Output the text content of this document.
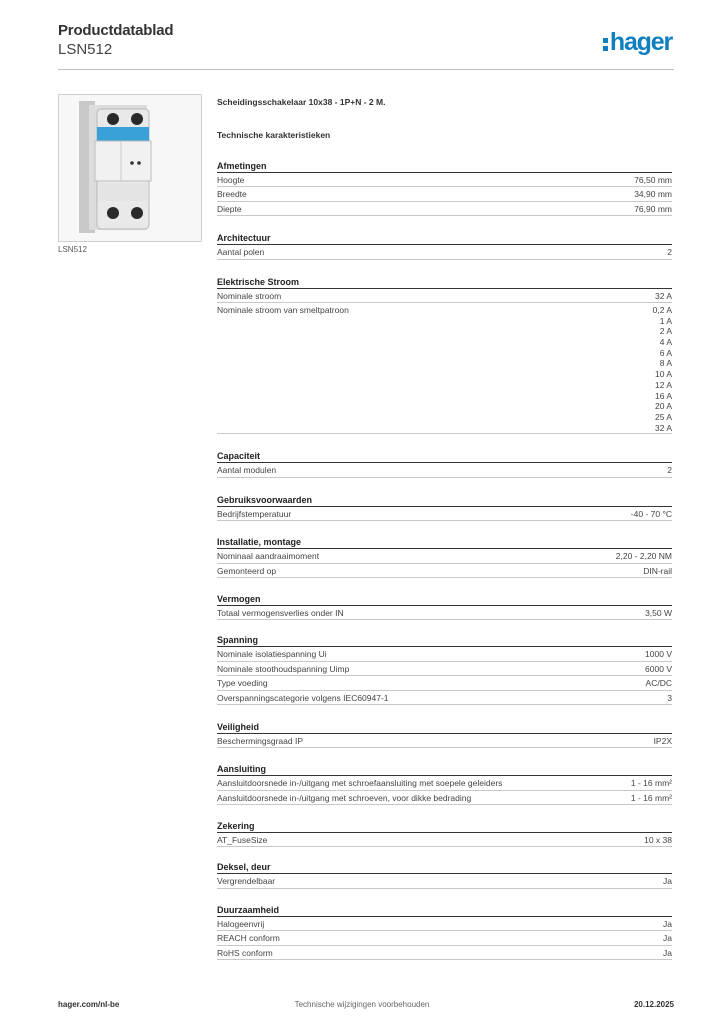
Productdatablad
LSN512	hager
LSN512
Scheidingsschakelaar 10x38 - 1P+N - 2 M.
Technische karakteristieken
Afmetingen
Hoogte	76,50 mm
Breedte	34,90 mm
Diepte	76,90 mm
Architectuur
Aantal polen	2
Elektrische Stroom
Nominale stroom	32 A
Nominale stroom van smeltpatroon	0,2 A
1 A
2 A
4 A
6 A
8 A
10 A
12 A
16 A
20 A
25 A
32 A
Capaciteit
Aantal modulen	2
Gebruiksvoorwaarden
Bedrijfstemperatuur	-40 - 70 °C
Installatie, montage
Nominaal aandraaimoment	2,20 - 2,20 NM
Gemonteerd op	DIN-rail
Vermogen
Totaal vermogensverlies onder IN	3,50 W
Spanning
Nominale isolatiespanning Ui	1000 V
Nominale stoothoudspanning Uimp	6000 V
Type voeding	AC/DC
Overspanningscategorie volgens IEC60947-1	3
Veiligheid
Beschermingsgraad IP	IP2X
Aansluiting
Aansluitdoorsnede in-/uitgang met schroefaansluiting met soepele geleiders	1 - 16 mm²
Aansluitdoorsnede in-/uitgang met schroeven, voor dikke bedrading	1 - 16 mm²
Zekering
AT_FuseSize	10 x 38
Deksel, deur
Vergrendelbaar	Ja
Duurzaamheid
Halogeenvrij	Ja
REACH conform	Ja
RoHS conform	Ja
hager.com/nl-be	Technische wijzigingen voorbehouden	20.12.2025
